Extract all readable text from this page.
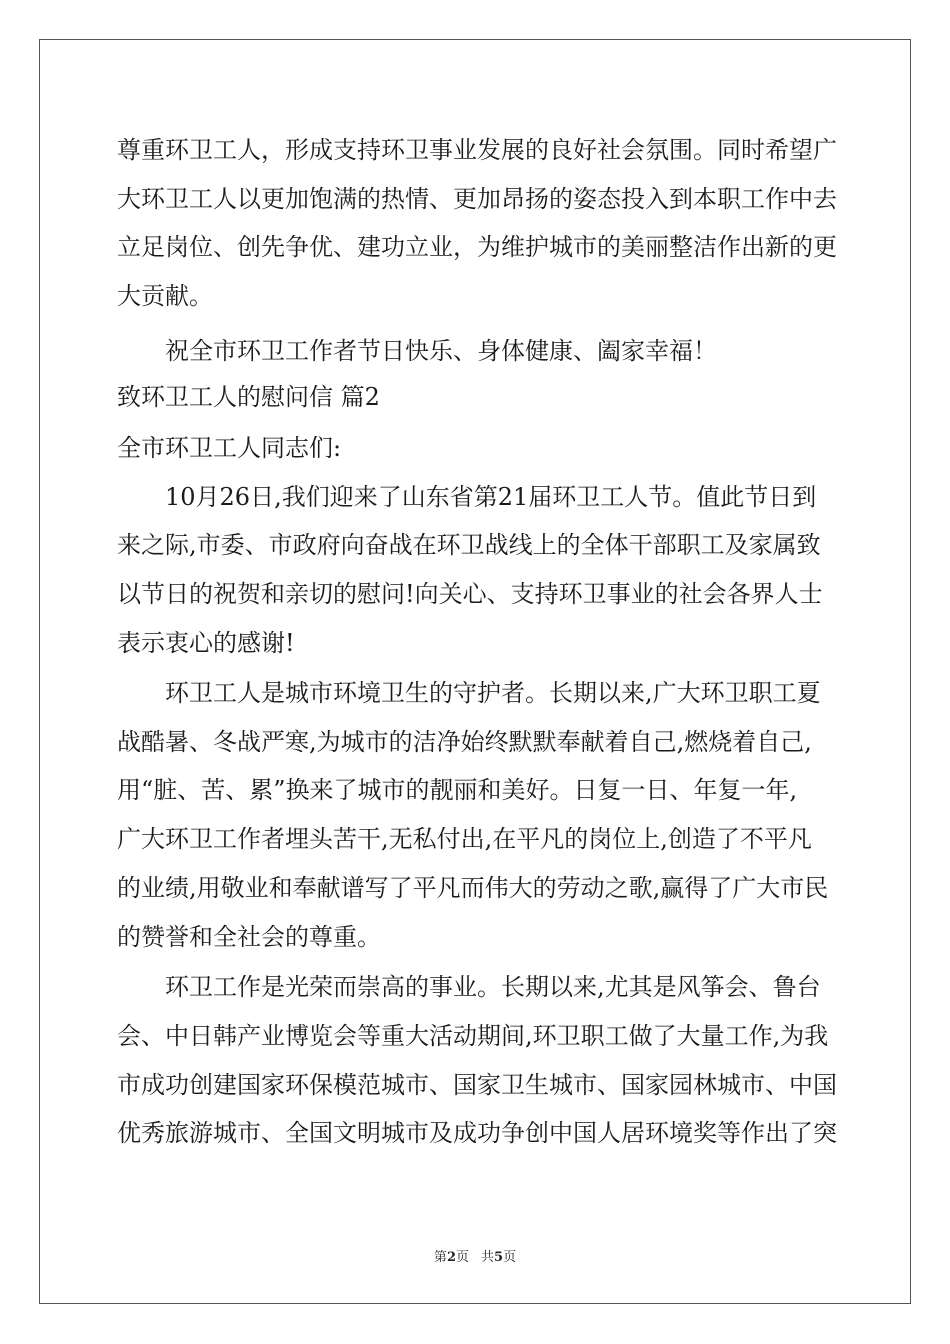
尊重环卫工人，形成支持环卫事业发展的良好社会氛围。同时希望广
大环卫工人以更加饱满的热情、更加昂扬的姿态投入到本职工作中去
立足岗位、创先争优、建功立业，为维护城市的美丽整洁作出新的更
大贡献。
祝全市环卫工作者节日快乐、身体健康、阖家幸福！
致环卫工人的慰问信 篇2
全市环卫工人同志们:
10月26日,我们迎来了山东省第21届环卫工人节。值此节日到
来之际,市委、市政府向奋战在环卫战线上的全体干部职工及家属致
以节日的祝贺和亲切的慰问!向关心、支持环卫事业的社会各界人士
表示衷心的感谢!
环卫工人是城市环境卫生的守护者。长期以来,广大环卫职工夏
战酷暑、冬战严寒,为城市的洁净始终默默奉献着自己,燃烧着自己,
用“脏、苦、累”换来了城市的靓丽和美好。日复一日、年复一年,
广大环卫工作者埋头苦干,无私付出,在平凡的岗位上,创造了不平凡
的业绩,用敬业和奉献谱写了平凡而伟大的劳动之歌,赢得了广大市民
的赞誉和全社会的尊重。
环卫工作是光荣而崇高的事业。长期以来,尤其是风筝会、鲁台
会、中日韩产业博览会等重大活动期间,环卫职工做了大量工作,为我
市成功创建国家环保模范城市、国家卫生城市、国家园林城市、中国
优秀旅游城市、全国文明城市及成功争创中国人居环境奖等作出了突
第2页 共5页
